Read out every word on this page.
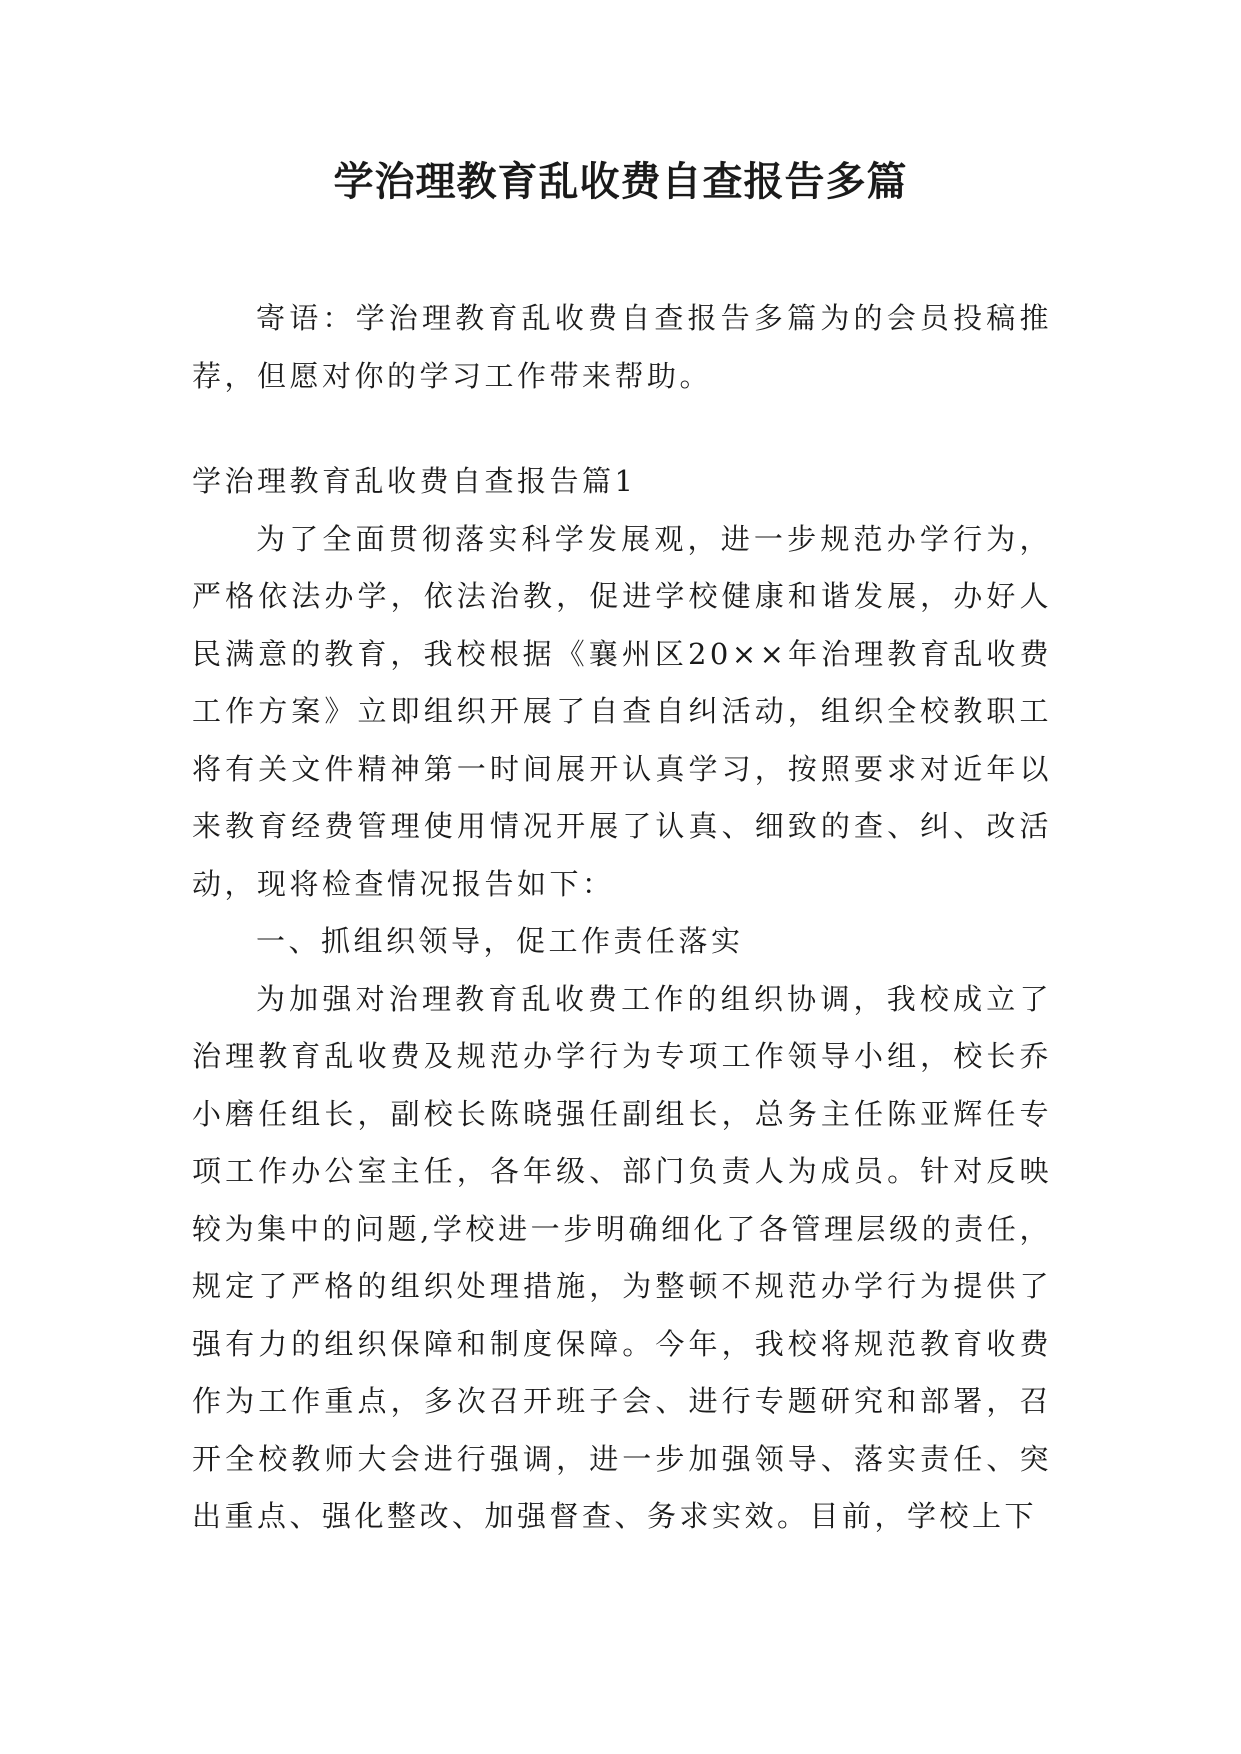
学治理教育乱收费自查报告多篇

寄语：学治理教育乱收费自查报告多篇为的会员投稿推荐，但愿对你的学习工作带来帮助。

学治理教育乱收费自查报告篇1

为了全面贯彻落实科学发展观，进一步规范办学行为，严格依法办学，依法治教，促进学校健康和谐发展，办好人民满意的教育，我校根据《襄州区20××年治理教育乱收费工作方案》立即组织开展了自查自纠活动，组织全校教职工将有关文件精神第一时间展开认真学习，按照要求对近年以来教育经费管理使用情况开展了认真、细致的查、纠、改活动，现将检查情况报告如下：

一、抓组织领导，促工作责任落实

为加强对治理教育乱收费工作的组织协调，我校成立了治理教育乱收费及规范办学行为专项工作领导小组，校长乔小磨任组长，副校长陈晓强任副组长，总务主任陈亚辉任专项工作办公室主任，各年级、部门负责人为成员。针对反映较为集中的问题,学校进一步明确细化了各管理层级的责任，规定了严格的组织处理措施，为整顿不规范办学行为提供了强有力的组织保障和制度保障。今年，我校将规范教育收费作为工作重点，多次召开班子会、进行专题研究和部署，召开全校教师大会进行强调，进一步加强领导、落实责任、突出重点、强化整改、加强督查、务求实效。目前，学校上下
